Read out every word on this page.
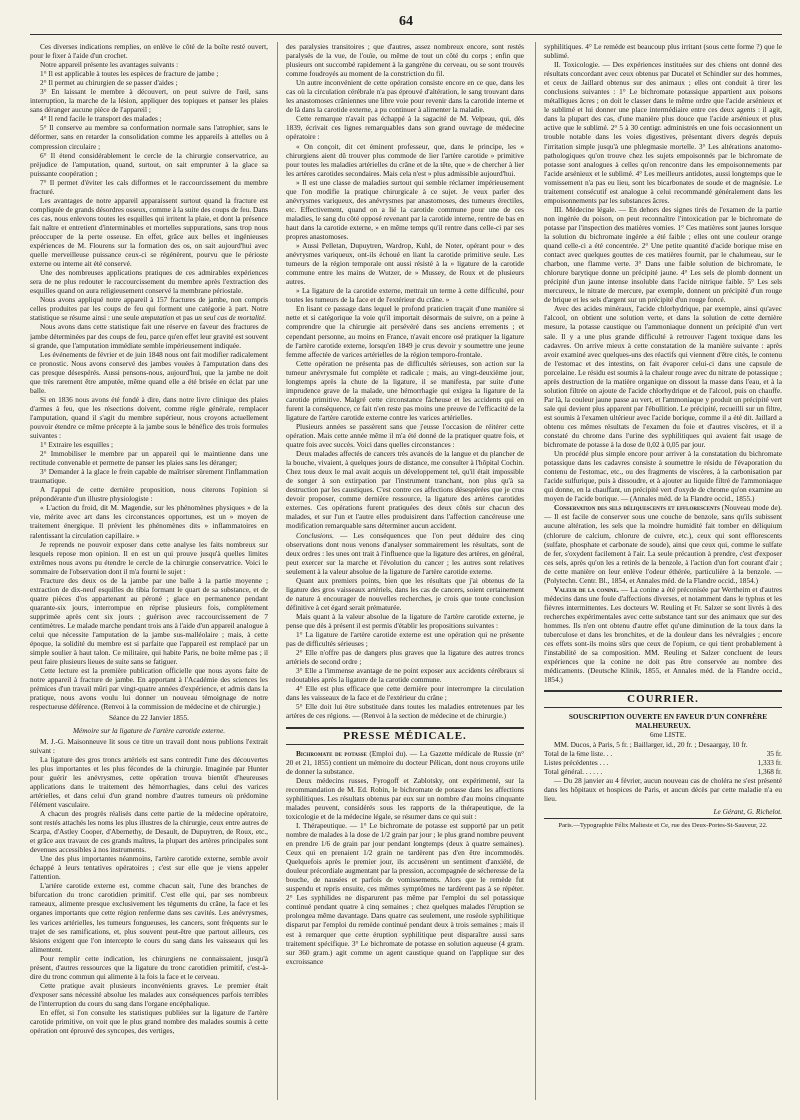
64

Ces diverses indications remplies, on enlève le côté de la boîte resté ouvert, pour le fixer à l'aide d'un crochet.

Notre appareil présente les avantages suivants :

1° Il est applicable à toutes les espèces de fracture de jambe ;

2° Il permet au chirurgien de se passer d'aides ;

3° En laissant le membre à découvert, on peut suivre de l'œil, sans interruption, la marche de la lésion, appliquer des topiques et panser les plaies sans déranger aucune pièce de l'appareil ;

4° Il rend facile le transport des malades ;

5° Il conserve au membre sa conformation normale sans l'atrophier, sans le déformer, sans en retarder la consolidation comme les appareils à attelles ou à compression circulaire ;

6° Il étend considérablement le cercle de la chirurgie conservatrice, au préjudice de l'amputation, quand, surtout, on sait emprunter à la glace sa puissante coopération ;

7° Il permet d'éviter les cals difformes et le raccourcissement du membre fracturé.

Les avantages de notre appareil apparaissent surtout quand la fracture est compliquée de grands désordres osseux, comme à la suite des coups de feu. Dans ces cas, nous enlevons toutes les esquilles qui irritent la plaie, et dont la présence fait naître et entretient d'interminables et mortelles suppurations, sans trop nous préoccuper de la perte osseuse. En effet, grâce aux belles et ingénieuses expériences de M. Flourens sur la formation des os, on sait aujourd'hui avec quelle merveilleuse puissance ceux-ci se régénèrent, pourvu que le périoste externe ou interne ait été conservé.

Une des nombreuses applications pratiques de ces admirables expériences sera de ne plus redouter le raccourcissement du membre après l'extraction des esquilles quand on aura religieusement conservé la membrane périostale.

Nous avons appliqué notre appareil à 157 fractures de jambe, non compris celles produites par les coups de feu qui forment une catégorie à part. Notre statistique se résume ainsi : une seule amputation et pas un seul cas de mortalité.

Nous avons dans cette statistique fait une réserve en faveur des fractures de jambe déterminées par des coups de feu, parce qu'en effet leur gravité est souvent si grande, que l'amputation immédiate semble impérieusement indiquée.

Les événements de février et de juin 1848 nous ont fait modifier radicalement ce pronostic. Nous avons conservé des jambes vouées à l'amputation dans des cas presque désespérés. Aussi pensons-nous, aujourd'hui, que la jambe ne doit que très rarement être amputée, même quand elle a été brisée en éclat par une balle.

Si en 1836 nous avons été fondé à dire, dans notre livre clinique des plaies d'armes à feu, que les résections doivent, comme règle générale, remplacer l'amputation, quand il s'agit du membre supérieur, nous croyons actuellement pouvoir étendre ce même précepte à la jambe sous le bénéfice des trois formules suivantes :

1° Extraire les esquilles ;

2° Immobiliser le membre par un appareil qui le maintienne dans une rectitude convenable et permette de panser les plaies sans les déranger;

3° Demander à la glace le frein capable de maîtriser sûrement l'inflammation traumatique.

A l'appui de cette dernière proposition, nous citerons l'opinion si prépondérante d'un illustre physiologiste :

« L'action du froid, dit M. Magendie, sur les phénomènes physiques » de la vie, mérite avec art dans les circonstances opportunes, est un » moyen de traitement énergique. Il prévient les phénomènes dits » inflammatoires en ralentissant la circulation capillaire. »

Je reprends ne pouvoir exposer dans cette analyse les faits nombreux sur lesquels repose mon opinion. Il en est un qui prouve jusqu'à quelles limites extrêmes nous avons pu étendre le cercle de la chirurgie conservatrice. Voici le sommaire de l'observation dont il m'a fourni le sujet :

Fracture des deux os de la jambe par une balle à la partie moyenne ; extraction de dix-neuf esquilles du tibia formant le quart de sa substance, et de quatre pièces d'os appartenant au péroné ; glace en permanence pendant quarante-six jours, interrompue en réprise plusieurs fois, complètement supprimée après cent six jours ; guérison avec raccourcissement de 7 centimètres. Le malade marche pendant trois ans à l'aide d'un appareil analogue à celui que nécessite l'amputation de la jambe sus-malléolaire ; mais, à cette époque, la solidité du membre est si parfaite que l'appareil est remplacé par un simple soulier à haut talon. Ce militaire, qui habite Paris, ne boite même pas ; il peut faire plusieurs lieues de suite sans se fatiguer.

Cette lecture est la première publication officielle que nous ayons faite de notre appareil à fracture de jambe. En apportant à l'Académie des sciences les prémices d'un travail mûri par vingt-quatre années d'expérience, et admis dans la pratique, nous avons voulu lui donner un nouveau témoignage de notre respectueuse déférence. (Renvoi à la commission de médecine et de chirurgie.)

Séance du 22 Janvier 1855.

Mémoire sur la ligature de l'artère carotide externe.

M. J.-G. Maisonneuve lit sous ce titre un travail dont nous publions l'extrait suivant :

La ligature des gros troncs artériels est sans contredit l'une des découvertes les plus importantes et les plus fécondes de la chirurgie. Imaginée par Hunter pour guérir les anévrysmes, cette opération trouva bientôt d'heureuses applications dans le traitement des hémorrhagies, dans celui des varices artérielles, et dans celui d'un grand nombre d'autres tumeurs où prédomine l'élément vasculaire.

A chacun des progrès réalisés dans cette partie de la médecine opératoire, sont restés attachés les noms les plus illustres de la chirurgie, ceux entre autres de Scarpa, d'Astley Cooper, d'Abernethy, de Desault, de Dupuytren, de Roux, etc., et grâce aux travaux de ces grands maîtres, la plupart des artères principales sont devenues accessibles à nos instruments.

Une des plus importantes néanmoins, l'artère carotide externe, semble avoir échappé à leurs tentatives opératoires ; c'est sur elle que je viens appeler l'attention.

L'artère carotide externe est, comme chacun sait, l'une des branches de bifurcation du tronc carotidien primitif. C'est elle qui, par ses nombreux rameaux, alimente presque exclusivement les téguments du crâne, la face et les organes importants que cette région renferme dans ses cavités. Les anévrysmes, les varices artérielles, les tumeurs fongueuses, les cancers, sont fréquents sur le trajet de ses ramifications, et, plus souvent peut-être que partout ailleurs, ces lésions exigent que l'on intercepte le cours du sang dans les vaisseaux qui les alimentent.

Pour remplir cette indication, les chirurgiens ne connaissaient, jusqu'à présent, d'autres ressources que la ligature du tronc carotidien primitif, c'est-à-dire du tronc commun qui alimente à la fois la face et le cerveau.

Cette pratique avait plusieurs inconvénients graves. Le premier était d'exposer sans nécessité absolue les malades aux conséquences parfois terribles de l'interruption du cours du sang dans l'organe encéphalique.

En effet, si l'on consulte les statistiques publiées sur la ligature de l'artère carotide primitive, on voit que le plus grand nombre des malades soumis à cette opération ont éprouvé des syncopes, des vertiges,

des paralysies transitoires ; que d'autres, assez nombreux encore, sont restés paralysés de la vue, de l'ouïe, ou même de tout un côté du corps ; enfin que plusieurs ont succombé rapidement à la gangrène du cerveau, ou se sont trouvés comme foudroyés au moment de la constriction du fil.

Un autre inconvénient de cette opération consiste encore en ce que, dans les cas où la circulation cérébrale n'a pas éprouvé d'altération, le sang trouvant dans les anastomoses crâniennes une libre voie pour revenir dans la carotide interne et de là dans la carotide externe, a pu continuer à alimenter la maladie.

Cette remarque n'avait pas échappé à la sagacité de M. Velpeau, qui, dès 1839, écrivait ces lignes remarquables dans son grand ouvrage de médecine opératoire :

« On conçoit, dit cet éminent professeur, que, dans le principe, les » chirurgiens aient dû trouver plus commode de lier l'artère carotide » primitive pour toutes les maladies artérielles du crâne et de la tête, que » de chercher à lier les artères carotides secondaires. Mais cela n'est » plus admissible aujourd'hui.

» Il est une classe de maladies surtout qui semble réclamer impérieusement que l'on modifie la pratique chirurgicale à ce sujet. Je veux parler des anévrysmes variqueux, des anévrysmes par anastomoses, des tumeurs érectiles, etc. Effectivement, quand on a lié la carotide commune pour une de ces maladies, le sang du côté opposé revenant par la carotide interne, rentre de bas en haut dans la carotide externe, » en même temps qu'il rentre dans celle-ci par ses propres anastomoses.

» Aussi Pelletan, Dupuytren, Wardrop, Kuhl, de Noter, opérant pour » des anévrysmes variqueux, ont-ils échoué en liant la carotide primitive seule. Les tumeurs de la région temporale ont aussi résisté à la » ligature de la carotide commune entre les mains de Wutzer, de » Mussey, de Roux et de plusieurs autres.

» La ligature de la carotide externe, mettrait un terme à cette difficulté, pour toutes les tumeurs de la face et de l'extérieur du crâne. »

En lisant ce passage dans lequel le profond praticien traçait d'une manière si nette et si catégorique la voie qu'il importait désormais de suivre, on a peine à comprendre que la chirurgie ait persévéré dans ses anciens errements ; et cependant personne, au moins en France, n'avait encore osé pratiquer la ligature de l'artère carotide externe, lorsqu'en 1849 je crus devoir y soumettre une jeune femme affectée de varices artérielles de la région temporo-frontale.

Cette opération ne présenta pas de difficultés sérieuses, son action sur la tumeur anévrysmale fut complète et radicale ; mais, au vingt-deuxième jour, longtemps après la chute de la ligature, il se manifesta, par suite d'une imprudence grave de la malade, une hémorrhagie qui exigea la ligature de la carotide primitive. Malgré cette circonstance fâcheuse et les accidents qui en furent la conséquence, ce fait n'en reste pas moins une preuve de l'efficacité de la ligature de l'artère carotide externe contre les varices artérielles.

Plusieurs années se passèrent sans que j'eusse l'occasion de réitérer cette opération. Mais cette année même il m'a été donné de la pratiquer quatre fois, et quatre fois avec succès. Voici dans quelles circonstances :

Deux malades affectés de cancers très avancés de la langue et du plancher de la bouche, vivaient, à quelques jours de distance, me consulter à l'hôpital Cochin. Chez tous deux le mal avait acquis un développement tel, qu'il était impossible de songer à son extirpation par l'instrument tranchant, non plus qu'à sa destruction par les caustiques. C'est contre ces affections désespérées que je crus devoir proposer, comme dernière ressource, la ligature des artères carotides externes. Ces opérations furent pratiquées des deux côtés sur chacun des malades, et sur l'un et l'autre elles produisirent dans l'affection cancéreuse une modification remarquable sans déterminer aucun accident.

Conclusions. — Les conséquences que l'on peut déduire des cinq observations dont nous venons d'analyser sommairement les résultats, sont de deux ordres : les unes ont trait à l'influence que la ligature des artères, en général, peut exercer sur la marche et l'évolution du cancer ; les autres sont relatives seulement à la valeur absolue de la ligature de l'artère carotide externe.

Quant aux premiers points, bien que les résultats que j'ai obtenus de la ligature des gros vaisseaux artériels, dans les cas de cancers, soient certainement de nature à encourager de nouvelles recherches, je crois que toute conclusion définitive à cet égard serait prématurée.

Mais quant à la valeur absolue de la ligature de l'artère carotide externe, je pense que dès à présent il est permis d'établir les propositions suivantes :

1° La ligature de l'artère carotide externe est une opération qui ne présente pas de difficultés sérieuses ;

2° Elle n'offre pas de dangers plus graves que la ligature des autres troncs artériels de second ordre ;

3° Elle a l'immense avantage de ne point exposer aux accidents cérébraux si redoutables après la ligature de la carotide commune.

4° Elle est plus efficace que cette dernière pour interrompre la circulation dans les vaisseaux de la face et de l'extérieur du crâne ;

5° Elle doit lui être substituée dans toutes les maladies entretenues par les artères de ces régions. — (Renvoi à la section de médecine et de chirurgie.)

PRESSE MÉDICALE.

Bichromate de potasse (Emploi du). — La Gazette médicale de Russie (n° 20 et 21, 1855) contient un mémoire du docteur Pélican, dont nous croyons utile de donner la substance.

Deux médecins russes, Fyrogoff et Zablotsky, ont expérimenté, sur la recommandation de M. Ed. Robin, le bichromate de potasse dans les affections syphilitiques. Les résultats obtenus par eux sur un nombre d'au moins cinquante malades peuvent, considérés sous les rapports de la thérapeutique, de la toxicologie et de la médecine légale, se résumer dans ce qui suit :

I. Thérapeutique. — 1° Le bichromate de potasse est supporté par un petit nombre de malades à la dose de 1/2 grain par jour ; le plus grand nombre peuvent en prendre 1/6 de grain par jour pendant longtemps (deux à quatre semaines). Ceux qui en prenaient 1/2 grain ne tardèrent pas d'en être incommodés. Quelquefois après le premier jour, ils accusèrent un sentiment d'anxiété, de douleur précordiale augmentant par la pression, accompagnée de sécheresse de la bouche, de nausées et parfois de vomissements. Alors que le remède fut suspendu et repris ensuite, ces mêmes symptômes ne tardèrent pas à se répéter. 2° Les syphilides ne disparurent pas même par l'emploi du sel potassique continué pendant quatre à cinq semaines ; chez quelques malades l'éruption se prolongea même davantage. Dans quatre cas seulement, une roséole syphilitique disparut par l'emploi du remède continué pendant deux à trois semaines ; mais il est à remarquer que cette éruption syphilitique peut disparaître aussi sans traitement spécifique. 3° Le bichromate de potasse en solution aqueuse (4 gram. sur 360 gram.) agit comme un agent caustique quand on l'applique sur des excroissance

syphilitiques. 4° Le remède est beaucoup plus irritant (sous cette forme ?) que le sublimé.

II. Toxicologie. — Des expériences instituées sur des chiens ont donné des résultats concordant avec ceux obtenus par Ducatel et Schindler sur des hommes, et ceux de Jaillard obtenus sur des animaux ; elles ont conduit à tirer les conclusions suivantes : 1° Le bichromate potassique appartient aux poisons métalliques âcres ; on doit le classer dans le même ordre que l'acide arsénieux et le sublimé et lui donner une place intermédiaire entre ces deux agents : il agit, dans la plupart des cas, d'une manière plus douce que l'acide arsénieux et plus active que le sublimé. 2° 5 à 30 centigr. administrés en une fois occasionnent un trouble notable dans les voies digestives, présentant divers degrés depuis l'irritation simple jusqu'à une phlegmasie mortelle. 3° Les altérations anatomo-pathologiques qu'on trouve chez les sujets empoisonnés par le bichromate de potasse sont analogues à celles qu'on rencontre dans les empoisonnements par l'acide arsénieux et le sublimé. 4° Les meilleurs antidotes, aussi longtemps que le vomissement n'a pas eu lieu, sont les bicarbonates de soude et de magnésie. Le traitement consécutif est analogue à celui recommandé généralement dans les empoisonnements par les substances âcres.

III. Médecine légale. — En dehors des signes tirés de l'examen de la partie non ingérée du poison, on peut reconnaître l'intoxication par le bichromate de potasse par l'inspection des matières vomies. 1° Ces matières sont jaunes lorsque la solution du bichromate ingérée a été faible ; elles ont une couleur orange quand celle-ci a été concentrée. 2° Une petite quantité d'acide borique mise en contact avec quelques gouttes de ces matières fournit, par le chalumeau, sur le charbon, une flamme verte. 3° Dans une faible solution de bichromate, le chlorure barytique donne un précipité jaune. 4° Les sels de plomb donnent un précipité d'un jaune intense insoluble dans l'acide nitrique faible. 5° Les sels mercureux, le nitrate de mercure, par exemple, donnent un précipité d'un rouge de brique et les sels d'argent sur un précipité d'un rouge foncé.

Avec des acides minéraux, l'acide chlorhydrique, par exemple, ainsi qu'avec l'alcool, on obtient une solution verte, et dans la solution de cette dernière mesure, la potasse caustique ou l'ammoniaque donnent un précipité d'un vert sale. Il y a une plus grande difficulté à retrouver l'agent toxique dans les cadavres. On arrive mieux à cette constatation de la manière suivante : après avoir examiné avec quelques-uns des réactifs qui viennent d'être cités, le contenu de l'estomac et des intestins, on fait évaporer celui-ci dans une capsule de porcelaine. Le résidu est soumis à la chaleur rouge avec du nitrate de potassique ; après destruction de la matière organique on dissout la masse dans l'eau, et à la solution filtrée on ajoute de l'acide chlorhydrique et de l'alcool, puis on chauffe. Par là, la couleur jaune passe au vert, et l'ammoniaque y produit un précipité vert sale qui devient plus apparent par l'ébullition. Le précipité, recueilli sur un filtre, est soumis à l'examen ultérieur avec l'acide borique, comme il a été dit. Jaillard a obtenu ces mêmes résultats de l'examen du foie et d'autres viscères, et il a constaté du chrome dans l'urine des syphilitiques qui avaient fait usage de bichromate de potasse à la dose de 0,02 à 0,05 par jour.

Un procédé plus simple encore pour arriver à la constatation du bichromate potassique dans les cadavres consiste à soumettre le résidu de l'évaporation du contenu de l'estomac, etc., ou des fragments de viscères, à la carbonisation par l'acide sulfurique, puis à dissoudre, et à ajouter au liquide filtré de l'ammoniaque qui donne, en la chauffant, un précipité vert d'oxyde de chrome qu'on examine au moyen de l'acide borique. — (Annales méd. de la Flandre occid., 1855.)

Conservation des sels déliquescents et efflorescents (Nouveau mode de). — Il est facile de conserver sous une couche de benzole, sans qu'ils subissent aucune altération, les sels que la moindre humidité fait tomber en déliquium (chlorure de calcium, chlorure de cuivre, etc.), ceux qui sont efflorescents (sulfate, phosphate et carbonate de soude), ainsi que ceux qui, comme le sulfate de fer, s'oxydent facilement à l'air. La seule précaution à prendre, c'est d'exposer ces sels, après qu'on les a retirés de la benzole, à l'action d'un fort courant d'air ; de cette manière on leur enlève l'odeur éthérée, particulière à la benzole. — (Polytechn. Centr. Bl., 1854, et Annales méd. de la Flandre occid., 1854.)

Valeur de la conine. — La conine a été préconisée par Wertheim et d'autres médecins dans une foule d'affections diverses, et notamment dans le typhus et les fièvres intermittentes. Les docteurs W. Reuling et Fr. Salzer se sont livrés à des recherches expérimentales avec cette substance tant sur des animaux que sur des hommes. Ils n'en ont obtenu d'autre effet qu'une diminution de la toux dans la tuberculose et dans les bronchites, et de la douleur dans les névralgies ; encore ces effets sont-ils moins sûrs que ceux de l'opium, ce qui tient probablement à l'instabilité de sa composition. MM. Reuling et Salzer concluent de leurs expériences que la conine ne doit pas être conservée au nombre des médicaments. (Deutsche Klinik, 1855, et Annales méd. de la Flandre occid., 1854.)

COURRIER.

SOUSCRIPTION OUVERTE EN FAVEUR D'UN CONFRÈRE MALHEUREUX.

6me LISTE.

MM. Ducos, à Paris, 5 fr. ; Baillarger, id., 20 fr. ; Desaargay, 10 fr.

Total de la 6me liste. . .	35 fr.
Listes précédentes . . .	1,333 fr.
Total général. . . . . .	1,368 fr.

— Du 28 janvier au 4 février, aucun nouveau cas de choléra ne s'est présenté dans les hôpitaux et hospices de Paris, et aucun décès par cette maladie n'a eu lieu.

Le Gérant, G. Richelot.
Paris.—Typographie Félix Malteste et Ce, rue des Deux-Portes-St-Sauveur, 22.
